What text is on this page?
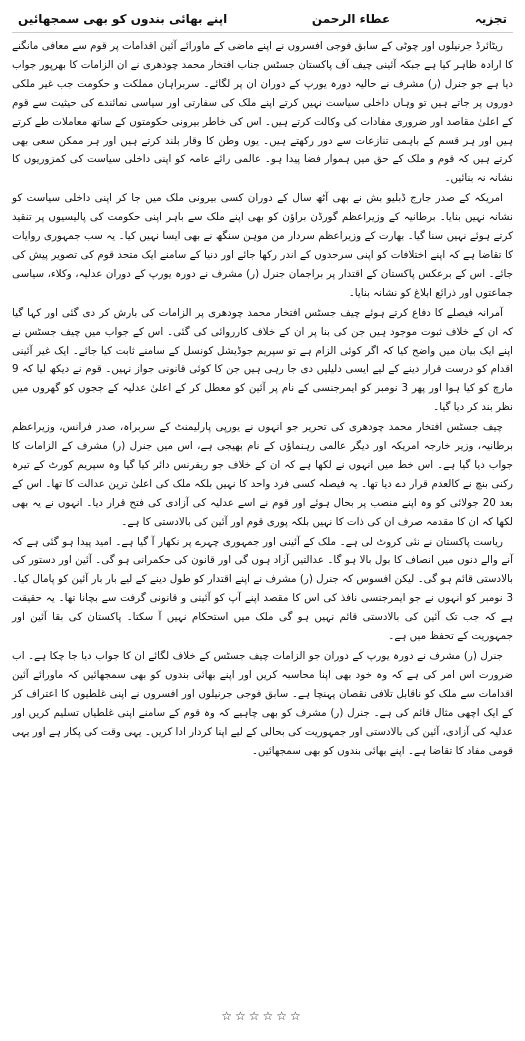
تجزیہ
عطاء الرحمن
اپنے بھائی بندوں کو بھی سمجھائیں

ریٹائرڈ جرنیلوں اور چوٹی کے سابق فوجی افسروں نے اپنے ماضی کے ماورائے آئین اقدامات پر قوم سے معافی مانگنے کا ارادہ ظاہر کیا ہے جبکہ آئینی چیف آف پاکستان جسٹس جناب افتخار محمد چودھری نے ان الزامات کا بھرپور جواب دیا ہے جو جنرل (ر) مشرف نے حالیہ دورہ یورپ کے دوران ان پر لگائے۔ سربراہان مملکت و حکومت جب غیر ملکی دوروں پر جاتے ہیں تو وہاں داخلی سیاست نہیں کرتے اپنے ملک کی سفارتی اور سیاسی نمائندے کی حیثیت سے قوم کے اعلیٰ مقاصد اور ضروری مفادات کی وکالت کرتے ہیں۔ اس کی خاطر بیرونی حکومتوں کے ساتھ معاملات طے کرتے ہیں اور ہر قسم کے باہمی تنازعات سے دور رکھتے ہیں۔ یوں وطن کا وقار بلند کرتے ہیں اور ہر ممکن سعی بھی کرتے ہیں کہ قوم و ملک کے حق میں ہموار فضا پیدا ہو۔ عالمی رائے عامہ کو اپنی داخلی سیاست کی کمزوریوں کا نشانہ نہ بنائیں۔

امریکہ کے صدر جارج ڈبلیو بش نے بھی آٹھ سال کے دوران کسی بیرونی ملک میں جا کر اپنی داخلی سیاست کو نشانہ نہیں بنایا۔ برطانیہ کے وزیراعظم گورڈن براؤن کو بھی اپنے ملک سے باہر اپنی حکومت کی پالیسیوں پر تنقید کرتے ہوئے نہیں سنا گیا۔ بھارت کے وزیراعظم سردار من موہن سنگھ نے بھی ایسا نہیں کیا۔ یہ سب جمہوری روایات کا تقاضا ہے کہ اپنے اختلافات کو اپنی سرحدوں کے اندر رکھا جائے اور دنیا کے سامنے ایک متحد قوم کی تصویر پیش کی جائے۔ اس کے برعکس پاکستان کے اقتدار پر براجمان جنرل (ر) مشرف نے دورہ یورپ کے دوران عدلیہ، وکلاء، سیاسی جماعتوں اور ذرائع ابلاغ کو نشانہ بنایا۔

آمرانہ فیصلے کا دفاع کرتے ہوئے چیف جسٹس افتخار محمد چودھری پر الزامات کی بارش کر دی گئی اور کہا گیا کہ ان کے خلاف ثبوت موجود ہیں جن کی بنا پر ان کے خلاف کارروائی کی گئی۔ اس کے جواب میں چیف جسٹس نے اپنے ایک بیان میں واضح کیا کہ اگر کوئی الزام ہے تو سپریم جوڈیشل کونسل کے سامنے ثابت کیا جائے۔ ایک غیر آئینی اقدام کو درست قرار دینے کے لیے ایسی دلیلیں دی جا رہی ہیں جن کا کوئی قانونی جواز نہیں۔ قوم نے دیکھ لیا کہ 9 مارچ کو کیا ہوا اور پھر 3 نومبر کو ایمرجنسی کے نام پر آئین کو معطل کر کے اعلیٰ عدلیہ کے ججوں کو گھروں میں نظر بند کر دیا گیا۔

چیف جسٹس افتخار محمد چودھری کی تحریر جو انہوں نے یورپی پارلیمنٹ کے سربراہ، صدر فرانس، وزیراعظم برطانیہ، وزیر خارجہ امریکہ اور دیگر عالمی رہنماؤں کے نام بھیجی ہے، اس میں جنرل (ر) مشرف کے الزامات کا جواب دیا گیا ہے۔ اس خط میں انہوں نے لکھا ہے کہ ان کے خلاف جو ریفرنس دائر کیا گیا وہ سپریم کورٹ کے تیرہ رکنی بنچ نے کالعدم قرار دے دیا تھا۔ یہ فیصلہ کسی فرد واحد کا نہیں بلکہ ملک کی اعلیٰ ترین عدالت کا تھا۔ اس کے بعد 20 جولائی کو وہ اپنے منصب پر بحال ہوئے اور قوم نے اسے عدلیہ کی آزادی کی فتح قرار دیا۔ انہوں نے یہ بھی لکھا کہ ان کا مقدمہ صرف ان کی ذات کا نہیں بلکہ پوری قوم اور آئین کی بالادستی کا ہے۔

ریاست پاکستان نے نئی کروٹ لی ہے۔ ملک کے آئینی اور جمہوری چہرے پر نکھار آ گیا ہے۔ امید پیدا ہو گئی ہے کہ آنے والے دنوں میں انصاف کا بول بالا ہو گا۔ عدالتیں آزاد ہوں گی اور قانون کی حکمرانی ہو گی۔ آئین اور دستور کی بالادستی قائم ہو گی۔ لیکن افسوس کہ جنرل (ر) مشرف نے اپنے اقتدار کو طول دینے کے لیے بار بار آئین کو پامال کیا۔ 3 نومبر کو انہوں نے جو ایمرجنسی نافذ کی اس کا مقصد اپنے آپ کو آئینی و قانونی گرفت سے بچانا تھا۔ یہ حقیقت ہے کہ جب تک آئین کی بالادستی قائم نہیں ہو گی ملک میں استحکام نہیں آ سکتا۔ پاکستان کی بقا آئین اور جمہوریت کے تحفظ میں ہے۔

جنرل (ر) مشرف نے دورہ یورپ کے دوران جو الزامات چیف جسٹس کے خلاف لگائے ان کا جواب دیا جا چکا ہے۔ اب ضرورت اس امر کی ہے کہ وہ خود بھی اپنا محاسبہ کریں اور اپنے بھائی بندوں کو بھی سمجھائیں کہ ماورائے آئین اقدامات سے ملک کو ناقابل تلافی نقصان پہنچا ہے۔ سابق فوجی جرنیلوں اور افسروں نے اپنی غلطیوں کا اعتراف کر کے ایک اچھی مثال قائم کی ہے۔ جنرل (ر) مشرف کو بھی چاہیے کہ وہ قوم کے سامنے اپنی غلطیاں تسلیم کریں اور عدلیہ کی آزادی، آئین کی بالادستی اور جمہوریت کی بحالی کے لیے اپنا کردار ادا کریں۔ یہی وقت کی پکار ہے اور یہی قومی مفاد کا تقاضا ہے۔ اپنے بھائی بندوں کو بھی سمجھائیں۔

☆☆☆☆☆☆
